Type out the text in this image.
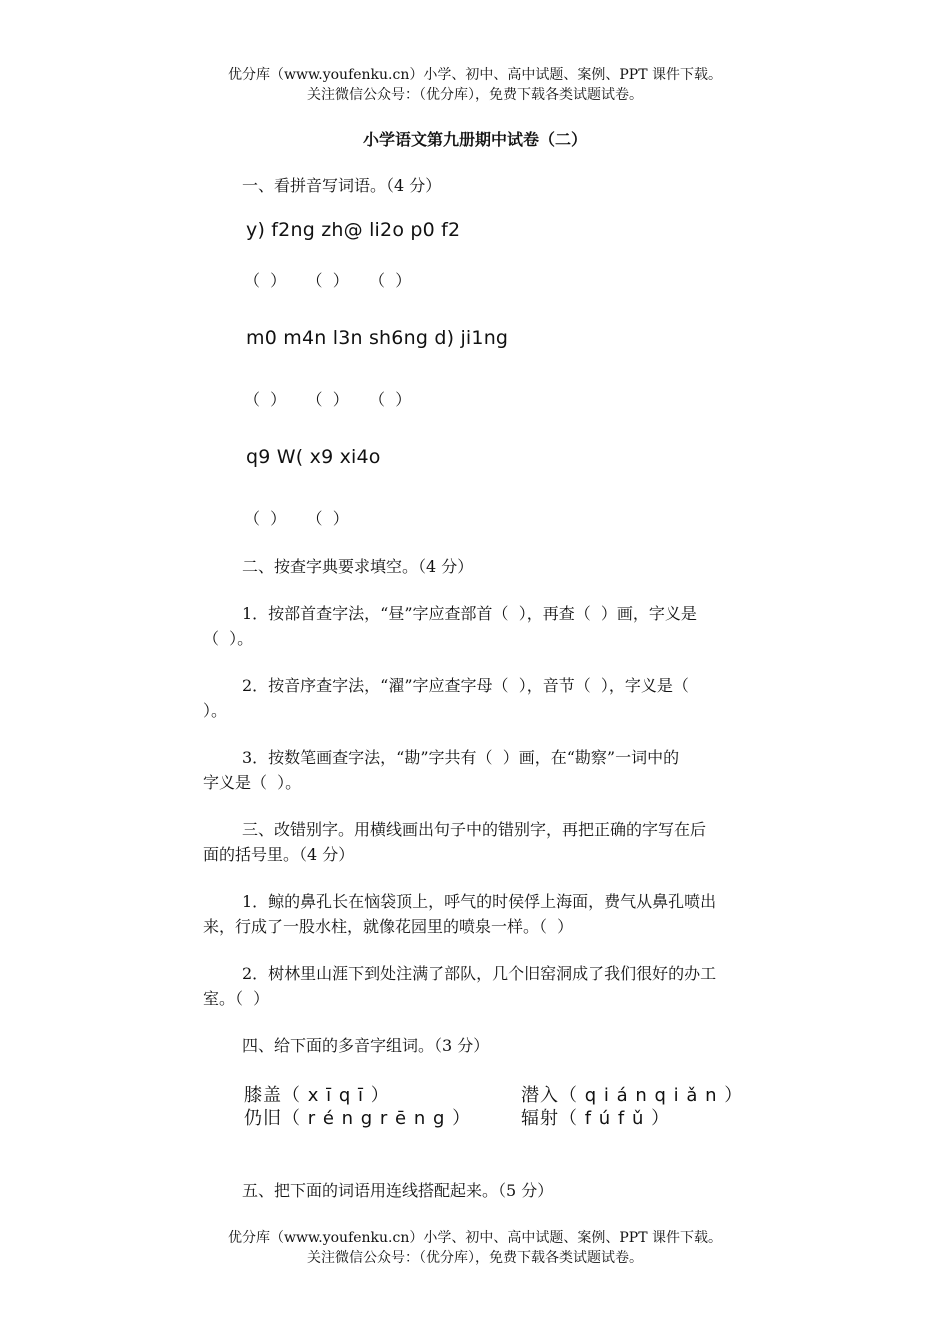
优分库（www.youfenku.cn）小学、初中、高中试题、案例、PPT 课件下载。
关注微信公众号：（优分库），免费下载各类试题试卷。
小学语文第九册期中试卷（二）
一、看拼音写词语。（4 分）
y) f2ng zh@ li2o p0 f2
（  ）    （  ）    （  ）
m0 m4n l3n sh6ng d) ji1ng
（  ）    （  ）    （  ）
q9 W( x9 xi4o
（  ）    （  ）
二、按查字典要求填空。（4 分）
1．按部首查字法，“昼”字应查部首（  ），再查（  ）画，字义是
（  ）。
2．按音序查字法，“濯”字应查字母（  ），音节（  ），字义是（
）。
3．按数笔画查字法，“勘”字共有（  ）画，在“勘察”一词中的
字义是（  ）。
三、改错别字。用横线画出句子中的错别字，再把正确的字写在后
面的括号里。（4 分）
1．鲸的鼻孔长在恼袋顶上，呼气的时侯俘上海面，费气从鼻孔喷出
来，行成了一股水柱，就像花园里的喷泉一样。（  ）
2．树林里山涯下到处注满了部队，几个旧窑洞成了我们很好的办工
室。（  ）
四、给下面的多音字组词。（3 分）
膝盖（ x ī q ī ）	潜入（ q i á n q i ǎ n ）
仍旧（ r é n g r ē n g ）	辐射（ f ú f ǔ ）
五、把下面的词语用连线搭配起来。（5 分）
优分库（www.youfenku.cn）小学、初中、高中试题、案例、PPT 课件下载。
关注微信公众号：（优分库），免费下载各类试题试卷。
